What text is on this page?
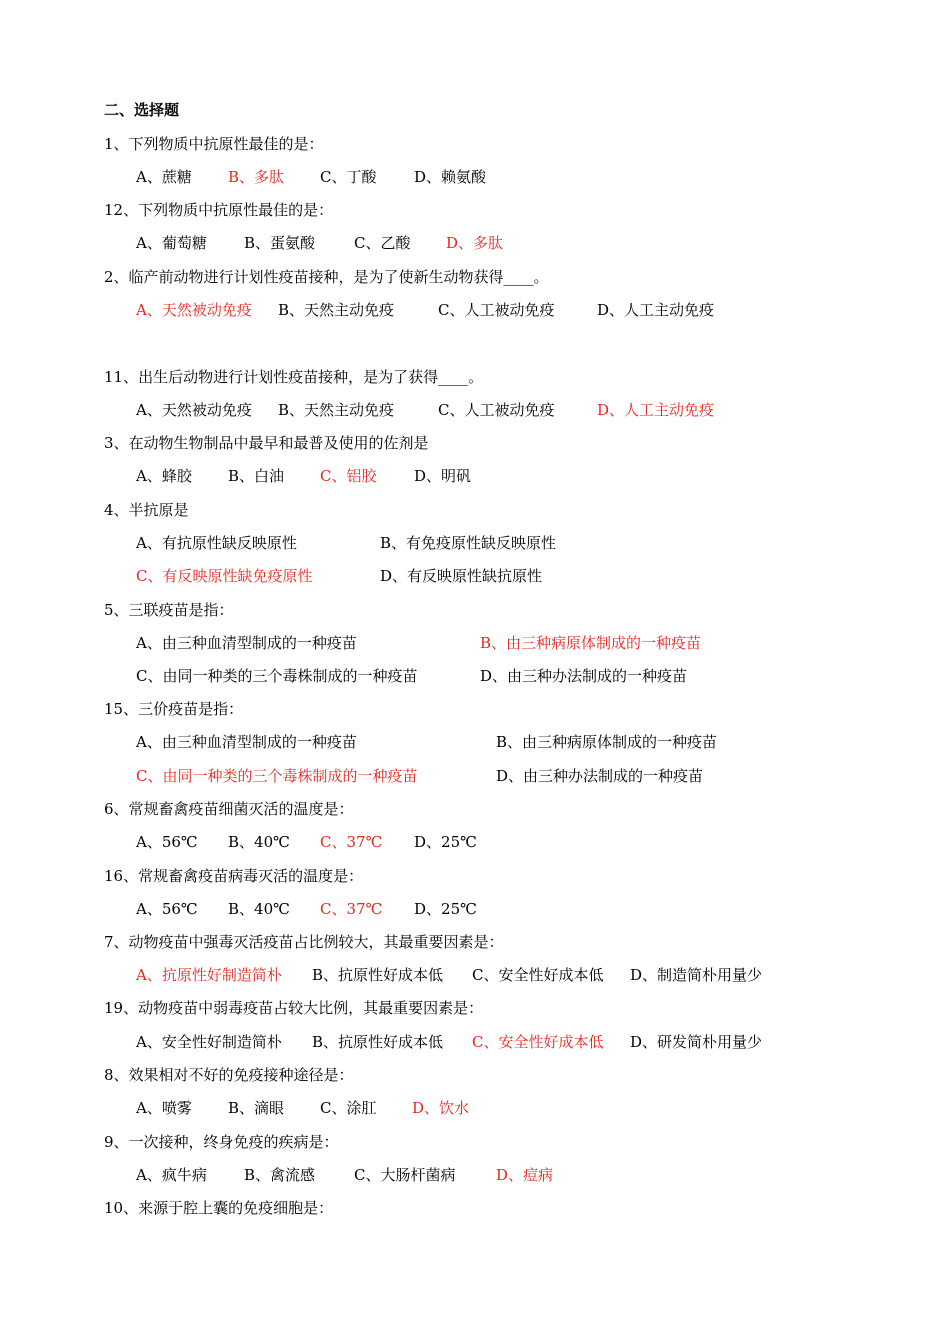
二、选择题
1、下列物质中抗原性最佳的是：
A、蔗糖 B、多肽 C、丁酸	D、赖氨酸
12、下列物质中抗原性最佳的是：
A、葡萄糖 B、蛋氨酸	C、乙酸 D、多肽
2、临产前动物进行计划性疫苗接种，是为了使新生动物获得____。
A、天然被动免疫 B、天然主动免疫	C、人工被动免疫	D、人工主动免疫
11、出生后动物进行计划性疫苗接种，是为了获得____。
A、天然被动免疫 B、天然主动免疫	C、人工被动免疫	D、人工主动免疫
3、在动物生物制品中最早和最普及使用的佐剂是
A、蜂胶 B、白油 C、铝胶	D、明矾
4、半抗原是
A、有抗原性缺反映原性	B、有免疫原性缺反映原性
C、有反映原性缺免疫原性	D、有反映原性缺抗原性
5、三联疫苗是指：
A、由三种血清型制成的一种疫苗	B、由三种病原体制成的一种疫苗
C、由同一种类的三个毒株制成的一种疫苗	D、由三种办法制成的一种疫苗
15、三价疫苗是指：
A、由三种血清型制成的一种疫苗	B、由三种病原体制成的一种疫苗
C、由同一种类的三个毒株制成的一种疫苗	D、由三种办法制成的一种疫苗
6、常规畜禽疫苗细菌灭活的温度是：
A、56℃ B、40℃ C、37℃ D、25℃
16、常规畜禽疫苗病毒灭活的温度是：
A、56℃ B、40℃ C、37℃ D、25℃
7、动物疫苗中强毒灭活疫苗占比例较大，其最重要因素是：
A、抗原性好制造简朴 B、抗原性好成本低 C、安全性好成本低 D、制造简朴用量少
19、动物疫苗中弱毒疫苗占较大比例，其最重要因素是：
A、安全性好制造简朴 B、抗原性好成本低 C、安全性好成本低 D、研发简朴用量少
8、效果相对不好的免疫接种途径是：
A、喷雾 B、滴眼 C、涂肛 D、饮水
9、一次接种，终身免疫的疾病是：
A、疯牛病 B、禽流感	C、大肠杆菌病	D、痘病
10、来源于腔上囊的免疫细胞是：
